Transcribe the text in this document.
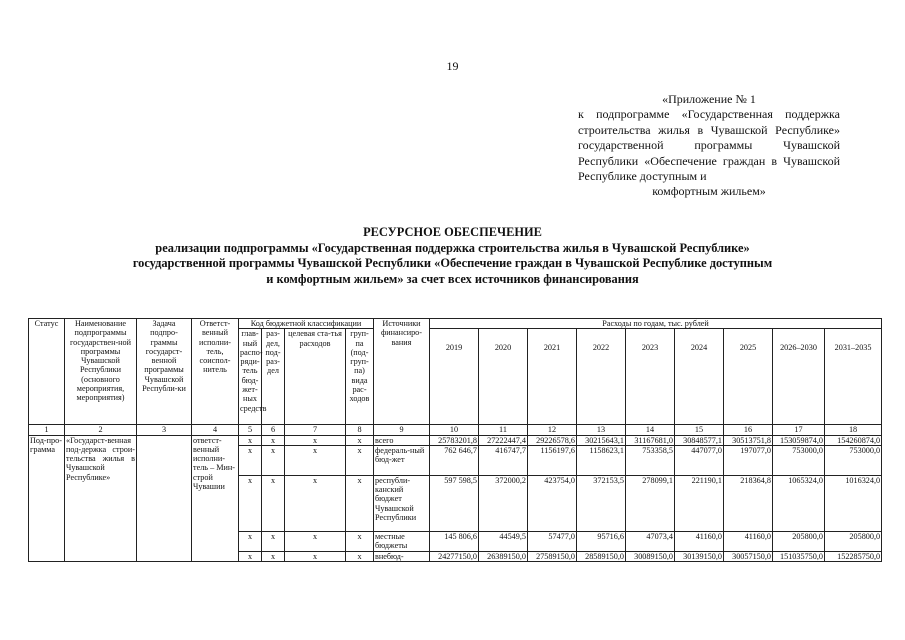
19
«Приложение № 1
к подпрограмме «Государственная поддержка строительства жилья в Чувашской Республике» государственной программы Чувашской Республики «Обеспечение граждан в Чувашской Республике доступным и
комфортным жильем»
РЕСУРСНОЕ ОБЕСПЕЧЕНИЕ
реализации подпрограммы «Государственная поддержка строительства жилья в Чувашской Республике»
государственной программы Чувашской Республики «Обеспечение граждан в Чувашской Республике доступным
и комфортным жильем» за счет всех источников финансирования
Статус	Наименование подпрограммы государствен-ной программы Чувашской Республики (основного мероприятия, мероприятия)	Задача подпро-граммы государст-венной программы Чувашской Республи-ки	Ответст-венный исполни-тель, соиспол-нитель	Код бюджетной классификации				Источники финансиро-вания	Расходы по годам, тыс. рублей								
				глав-ный распо-ряди-тель бюд-жет-ных средств	раз-дел, под-раз-дел	целевая ста-тья расходов	груп-па (под-груп-па) вида рас-ходов		2019	2020	2021	2022	2023	2024	2025	2026–2030	2031–2035
1	2	3	4	5	6	7	8	9	10	11	12	13	14	15	16	17	18
Под-про-грамма	«Государст-венная под-держка строи-тельства жилья в Чувашской Республике»		ответст-венный исполни-тель – Мин-строй Чувашии	x	x	x	x	всего	25783201,8	27222447,4	29226578,6	30215643,1	31167681,0	30848577,1	30513751,8	153059874,0	154260874,0
				x	x	x	x	федераль-ный бюд-жет	762 646,7	416747,7	1156197,6	1158623,1	753358,5	447077,0	197077,0	753000,0	753000,0
				x	x	x	x	республи-канский бюджет Чувашской Республики	597 598,5	372000,2	423754,0	372153,5	278099,1	221190,1	218364,8	1065324,0	1016324,0
				x	x	x	x	местные бюджеты	145 806,6	44549,5	57477,0	95716,6	47073,4	41160,0	41160,0	205800,0	205800,0
				x	x	x	x	внебюд-	24277150,0	26389150,0	27589150,0	28589150,0	30089150,0	30139150,0	30057150,0	151035750,0	152285750,0
